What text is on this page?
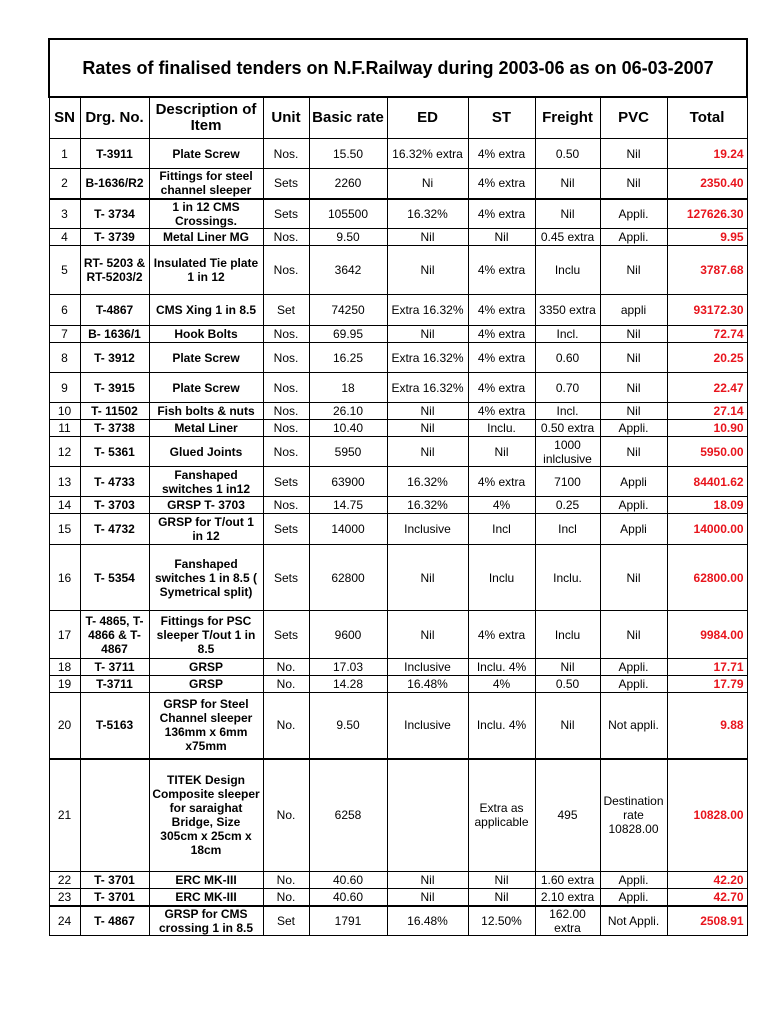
Rates of finalised tenders on N.F.Railway during 2003-06 as on 06-03-2007									
SN	Drg. No.	Description of Item	Unit	Basic rate	ED	ST	Freight	PVC	Total
1	T-3911	Plate Screw	Nos.	15.50	16.32% extra	4% extra	0.50	Nil	19.24
2	B-1636/R2	Fittings for steel channel sleeper	Sets	2260	Ni	4% extra	Nil	Nil	2350.40
3	T- 3734	1 in 12 CMS Crossings.	Sets	105500	16.32%	4% extra	Nil	Appli.	127626.30
4	T- 3739	Metal Liner MG	Nos.	9.50	Nil	Nil	0.45 extra	Appli.	9.95
5	RT- 5203 & RT-5203/2	Insulated Tie plate 1 in 12	Nos.	3642	Nil	4% extra	Inclu	Nil	3787.68
6	T-4867	CMS Xing 1 in 8.5	Set	74250	Extra 16.32%	4% extra	3350 extra	appli	93172.30
7	B- 1636/1	Hook Bolts	Nos.	69.95	Nil	4% extra	Incl.	Nil	72.74
8	T- 3912	Plate Screw	Nos.	16.25	Extra 16.32%	4% extra	0.60	Nil	20.25
9	T- 3915	Plate Screw	Nos.	18	Extra 16.32%	4% extra	0.70	Nil	22.47
10	T- 11502	Fish bolts & nuts	Nos.	26.10	Nil	4% extra	Incl.	Nil	27.14
11	T- 3738	Metal Liner	Nos.	10.40	Nil	Inclu.	0.50 extra	Appli.	10.90
12	T- 5361	Glued Joints	Nos.	5950	Nil	Nil	1000 inlclusive	Nil	5950.00
13	T- 4733	Fanshaped switches 1 in12	Sets	63900	16.32%	4% extra	7100	Appli	84401.62
14	T- 3703	GRSP T- 3703	Nos.	14.75	16.32%	4%	0.25	Appli.	18.09
15	T- 4732	GRSP for T/out 1 in 12	Sets	14000	Inclusive	Incl	Incl	Appli	14000.00
16	T- 5354	Fanshaped switches 1 in 8.5 ( Symetrical split)	Sets	62800	Nil	Inclu	Inclu.	Nil	62800.00
17	T- 4865, T-4866 & T-4867	Fittings for PSC sleeper T/out 1 in 8.5	Sets	9600	Nil	4% extra	Inclu	Nil	9984.00
18	T- 3711	GRSP	No.	17.03	Inclusive	Inclu. 4%	Nil	Appli.	17.71
19	T-3711	GRSP	No.	14.28	16.48%	4%	0.50	Appli.	17.79
20	T-5163	GRSP for Steel Channel sleeper 136mm x 6mm x75mm	No.	9.50	Inclusive	Inclu. 4%	Nil	Not appli.	9.88
21		TITEK Design Composite sleeper for saraighat Bridge, Size 305cm x 25cm x 18cm	No.	6258		Extra as applicable	495	Destination rate 10828.00	10828.00
22	T- 3701	ERC MK-III	No.	40.60	Nil	Nil	1.60 extra	Appli.	42.20
23	T- 3701	ERC MK-III	No.	40.60	Nil	Nil	2.10 extra	Appli.	42.70
24	T- 4867	GRSP for CMS crossing 1 in 8.5	Set	1791	16.48%	12.50%	162.00 extra	Not Appli.	2508.91
